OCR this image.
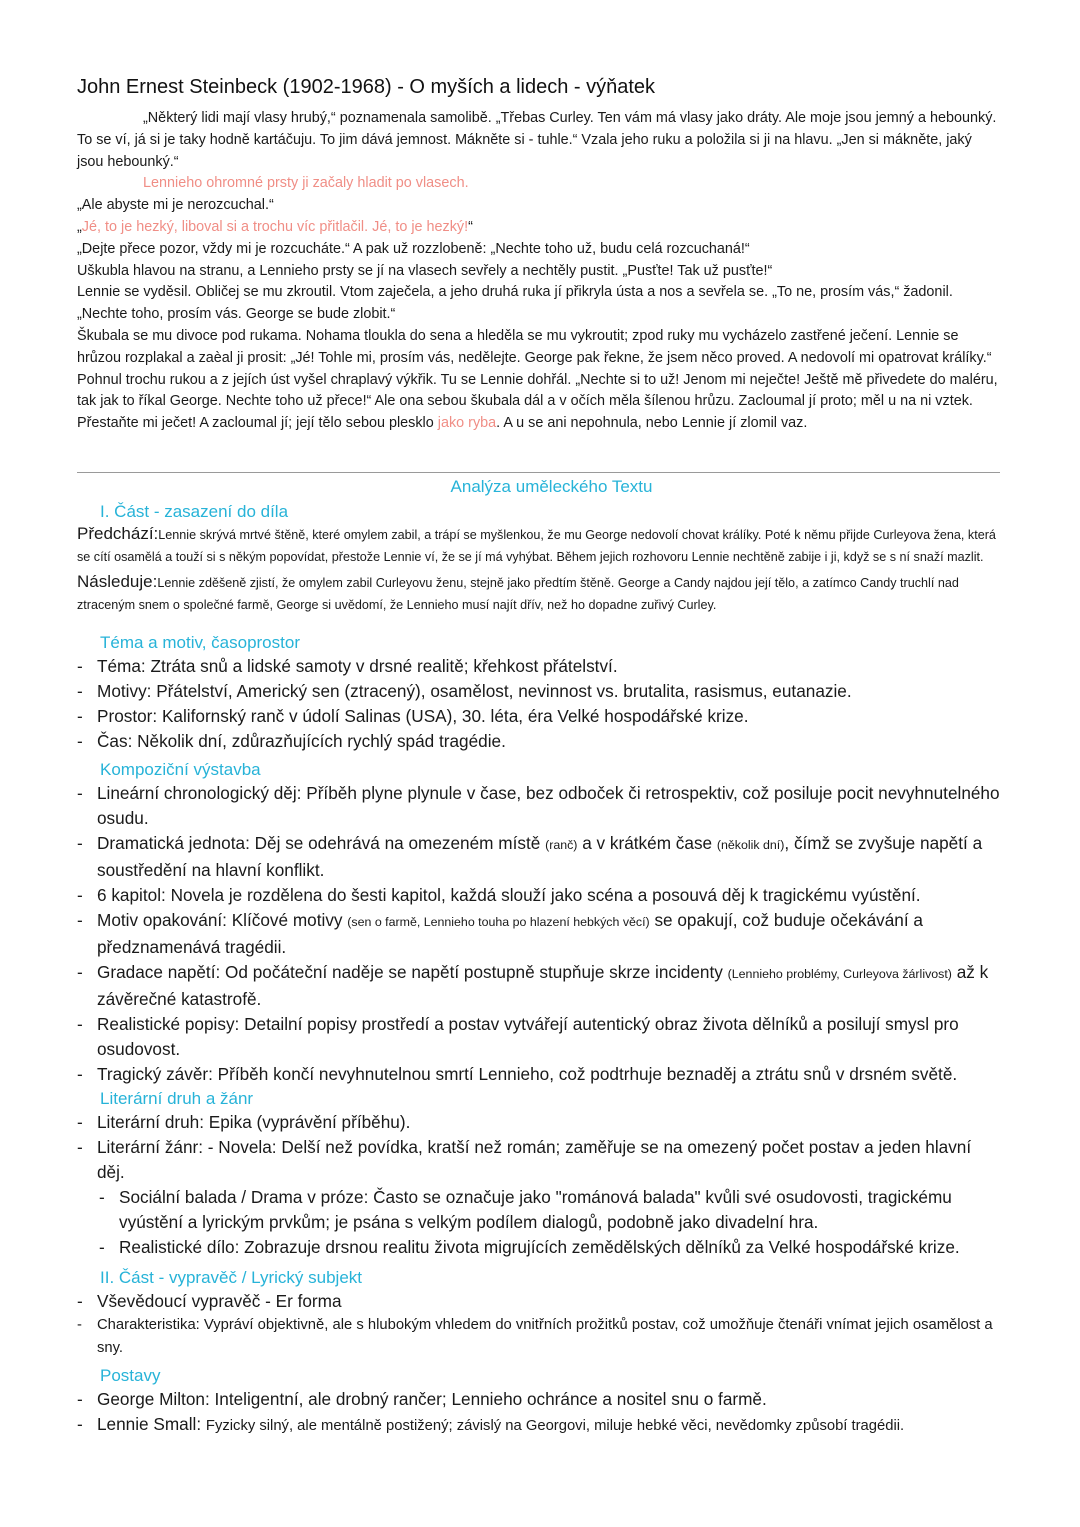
John Ernest Steinbeck (1902-1968) - O myších a lidech - výňatek

„Některý lidi mají vlasy hrubý,“ poznamenala samolibě. „Třebas Curley. Ten vám má vlasy jako dráty. Ale moje jsou jemný a hebounký. To se ví, já si je taky hodně kartáčuju. To jim dává jemnost. Mákněte si - tuhle.“ Vzala jeho ruku a položila si ji na hlavu. „Jen si mákněte, jaký jsou hebounký.“

Lennieho ohromné prsty ji začaly hladit po vlasech.

„Ale abyste mi je nerozcuchal.“

„Jé, to je hezký, liboval si a trochu víc přitlačil. Jé, to je hezký!“

„Dejte přece pozor, vždy mi je rozcucháte.“ A pak už rozzlobeně: „Nechte toho už, budu celá rozcuchaná!“

Uškubla hlavou na stranu, a Lennieho prsty se jí na vlasech sevřely a nechtěly pustit. „Pusťte! Tak už pusťte!“

Lennie se vyděsil. Obličej se mu zkroutil. Vtom zaječela, a jeho druhá ruka jí přikryla ústa a nos a sevřela se. „To ne, prosím vás,“ žadonil. „Nechte toho, prosím vás. George se bude zlobit.“

Škubala se mu divoce pod rukama. Nohama tloukla do sena a hleděla se mu vykroutit; zpod ruky mu vycházelo zastřené ječení. Lennie se hrůzou rozplakal a zaèal ji prosit: „Jé! Tohle mi, prosím vás, nedělejte. George pak řekne, že jsem něco proved. A nedovolí mi opatrovat králíky.“ Pohnul trochu rukou a z jejích úst vyšel chraplavý výkřik. Tu se Lennie dohřál. „Nechte si to už! Jenom mi neječte! Ještě mě přivedete do maléru, tak jak to říkal George. Nechte toho už přece!“ Ale ona sebou škubala dál a v očích měla šílenou hrůzu. Zacloumal jí proto; měl u na ni vztek. Přestaňte mi ječet! A zacloumal jí; její tělo sebou plesklo jako ryba. A u se ani nepohnula, nebo Lennie jí zlomil vaz.

Analýza uměleckého Textu
I. Část - zasazení do díla
Předchází:Lennie skrývá mrtvé štěně, které omylem zabil, a trápí se myšlenkou, že mu George nedovolí chovat králíky. Poté k němu přijde Curleyova žena, která se cítí osamělá a touží si s někým popovídat, přestože Lennie ví, že se jí má vyhýbat. Během jejich rozhovoru Lennie nechtěně zabije i ji, když se s ní snaží mazlit.
Následuje:Lennie zděšeně zjistí, že omylem zabil Curleyovu ženu, stejně jako předtím štěně. George a Candy najdou její tělo, a zatímco Candy truchlí nad ztraceným snem o společné farmě, George si uvědomí, že Lennieho musí najít dřív, než ho dopadne zuřivý Curley.
Téma a motiv, časoprostor
- Téma: Ztráta snů a lidské samoty v drsné realitě; křehkost přátelství.
- Motivy: Přátelství, Americký sen (ztracený), osamělost, nevinnost vs. brutalita, rasismus, eutanazie.
- Prostor: Kalifornský ranč v údolí Salinas (USA), 30. léta, éra Velké hospodářské krize.
- Čas: Několik dní, zdůrazňujících rychlý spád tragédie.
Kompoziční výstavba
- Lineární chronologický děj: Příběh plyne plynule v čase, bez odboček či retrospektiv, což posiluje pocit nevyhnutelného osudu.
- Dramatická jednota: Děj se odehrává na omezeném místě (ranč) a v krátkém čase (několik dní), čímž se zvyšuje napětí a soustředění na hlavní konflikt.
- 6 kapitol: Novela je rozdělena do šesti kapitol, každá slouží jako scéna a posouvá děj k tragickému vyústění.
- Motiv opakování: Klíčové motivy (sen o farmě, Lennieho touha po hlazení hebkých věcí) se opakují, což buduje očekávání a předznamenává tragédii.
- Gradace napětí: Od počáteční naděje se napětí postupně stupňuje skrze incidenty (Lennieho problémy, Curleyova žárlivost) až k závěrečné katastrofě.
- Realistické popisy: Detailní popisy prostředí a postav vytvářejí autentický obraz života dělníků a posilují smysl pro osudovost.
- Tragický závěr: Příběh končí nevyhnutelnou smrtí Lennieho, což podtrhuje beznaděj a ztrátu snů v drsném světě.
Literární druh a žánr
- Literární druh: Epika (vyprávění příběhu).
- Literární žánr: - Novela: Delší než povídka, kratší než román; zaměřuje se na omezený počet postav a jeden hlavní děj.
- Sociální balada / Drama v próze: Často se označuje jako "románová balada" kvůli své osudovosti, tragickému vyústění a lyrickým prvkům; je psána s velkým podílem dialogů, podobně jako divadelní hra.
- Realistické dílo: Zobrazuje drsnou realitu života migrujících zemědělských dělníků za Velké hospodářské krize.
II. Část - vypravěč / Lyrický subjekt
- Vševědoucí vypravěč - Er forma
- Charakteristika: Vypráví objektivně, ale s hlubokým vhledem do vnitřních prožitků postav, což umožňuje čtenáři vnímat jejich osamělost a sny.
Postavy
- George Milton: Inteligentní, ale drobný rančer; Lennieho ochránce a nositel snu o farmě.
- Lennie Small: Fyzicky silný, ale mentálně postižený; závislý na Georgovi, miluje hebké věci, nevědomky způsobí tragédii.
